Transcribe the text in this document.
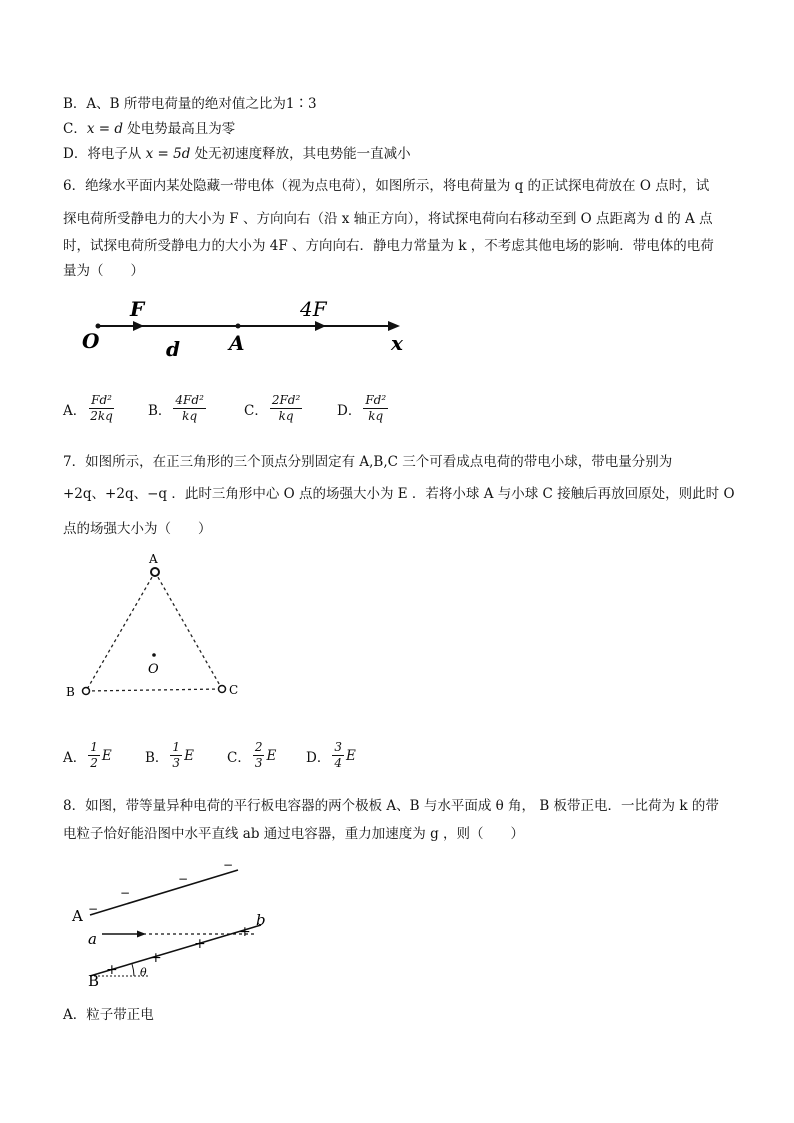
B．A、B 所带电荷量的绝对值之比为1∶3
C．x = d 处电势最高且为零
D．将电子从 x = 5d 处无初速度释放，其电势能一直减小
6．绝缘水平面内某处隐藏一带电体（视为点电荷），如图所示，将电荷量为 q 的正试探电荷放在 O 点时，试
探电荷所受静电力的大小为 F 、方向向右（沿 x 轴正方向），将试探电荷向右移动至到 O 点距离为 d 的 A 点
时，试探电荷所受静电力的大小为 4F 、方向向右．静电力常量为 k ，不考虑其他电场的影响．带电体的电荷
量为（　　）
O
F
d A
4F
x
A． $\frac{\text{Fd²}}{2kq}$ B． $\frac{\text{4Fd²}}{kq}$	C． $\frac{\text{2Fd²}}{kq}$	D． $\frac{\text{Fd²}}{kq}$
7．如图所示，在正三角形的三个顶点分别固定有 A,B,C 三个可看成点电荷的带电小球，带电量分别为
+2q、+2q、−q ．此时三角形中心 O 点的场强大小为 E ．若将小球 A 与小球 C 接触后再放回原处，则此时 O
点的场强大小为（　　）
A
B	C
O
A． $\frac{1}{2}$ E B． $\frac{1}{3}$ E C． $\frac{2}{3}$ E D． $\frac{3}{4}$ E
8．如图，带等量异种电荷的平行板电容器的两个极板 A、B 与水平面成 θ 角， B 板带正电．一比荷为 k 的带
电粒子恰好能沿图中水平直线 ab 通过电容器，重力加速度为 g ，则（　　）
−
−
−
−
+
+
+
+
A
a
b
B	θ
A．粒子带正电
